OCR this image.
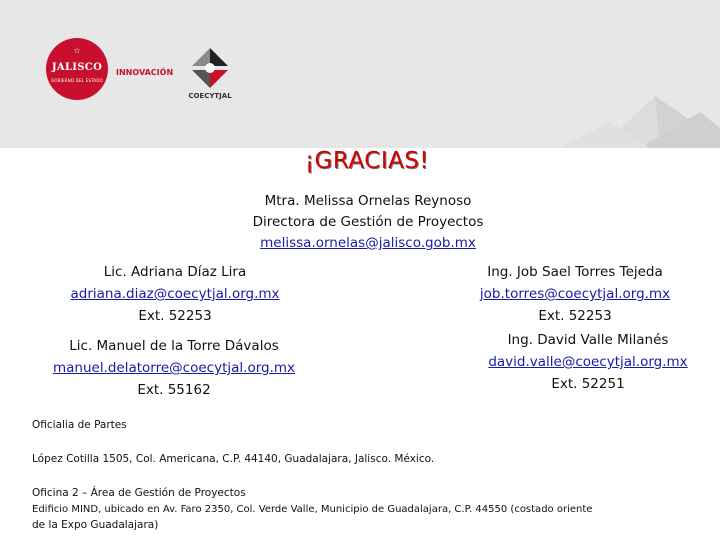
☆
JALISCO
GOBIERNO DEL ESTADO
INNOVACIÓN
COECYTJAL
¡GRACIAS!
Mtra. Melissa Ornelas Reynoso
Directora de Gestión de Proyectos
melissa.ornelas@jalisco.gob.mx
Lic. Adriana Díaz Lira
adriana.diaz@coecytjal.org.mx
Ext. 52253
Ing. Job Sael Torres Tejeda
job.torres@coecytjal.org.mx
Ext. 52253
Lic. Manuel de la Torre Dávalos
manuel.delatorre@coecytjal.org.mx
Ext. 55162
Ing. David Valle Milanés
david.valle@coecytjal.org.mx
Ext. 52251
Oficialia de Partes
López Cotilla 1505, Col. Americana, C.P. 44140, Guadalajara, Jalisco. México.
Oficina 2 – Área de Gestión de Proyectos
Edificio MIND, ubicado en Av. Faro 2350, Col. Verde Valle, Municipio de Guadalajara, C.P. 44550 (costado oriente
de la Expo Guadalajara)
